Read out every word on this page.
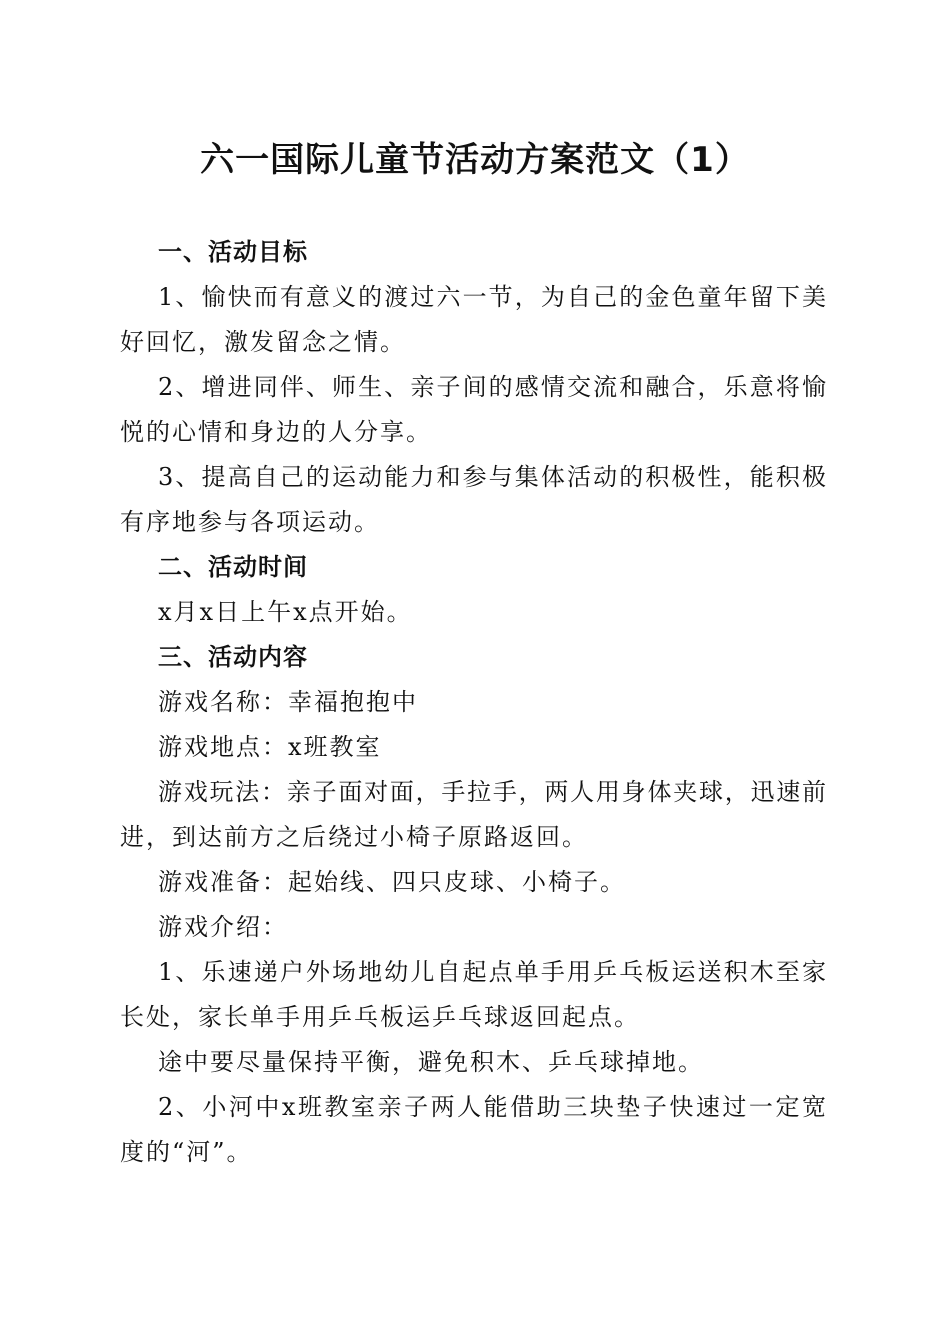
六一国际儿童节活动方案范文（1）
一、活动目标
1、愉快而有意义的渡过六一节，为自己的金色童年留下美
好回忆，激发留念之情。
2、增进同伴、师生、亲子间的感情交流和融合，乐意将愉
悦的心情和身边的人分享。
3、提高自己的运动能力和参与集体活动的积极性，能积极
有序地参与各项运动。
二、活动时间
x月x日上午x点开始。
三、活动内容
游戏名称：幸福抱抱中
游戏地点：x班教室
游戏玩法：亲子面对面，手拉手，两人用身体夹球，迅速前
进，到达前方之后绕过小椅子原路返回。
游戏准备：起始线、四只皮球、小椅子。
游戏介绍：
1、乐速递户外场地幼儿自起点单手用乒乓板运送积木至家
长处，家长单手用乒乓板运乒乓球返回起点。
途中要尽量保持平衡，避免积木、乒乓球掉地。
2、小河中x班教室亲子两人能借助三块垫子快速过一定宽
度的“河”。
